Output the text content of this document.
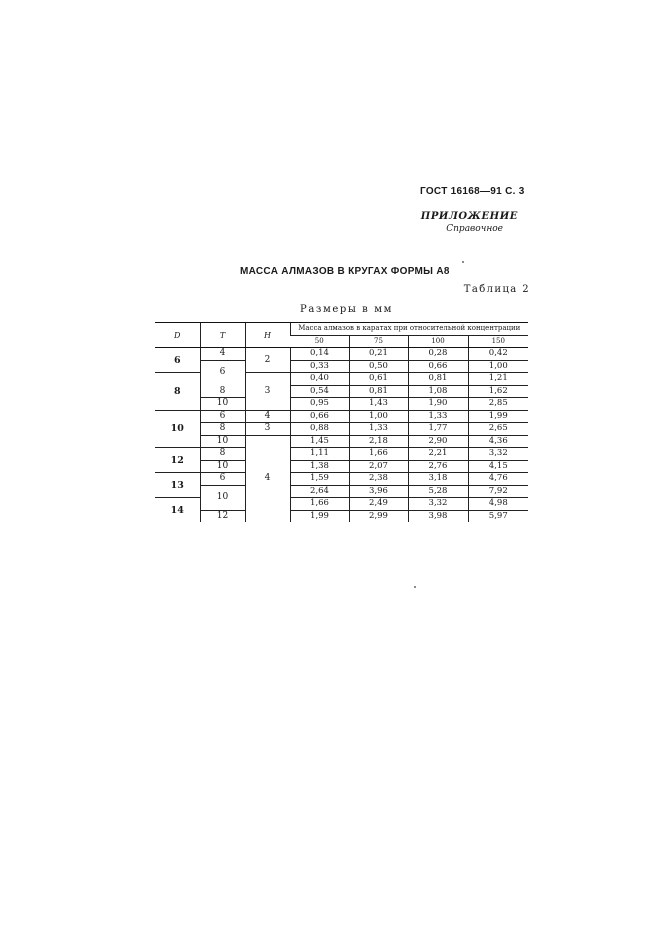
ГОСТ 16168—91 С. 3
ПРИЛОЖЕНИЕ
Справочное
МАССА АЛМАЗОВ В КРУГАХ ФОРМЫ А8
Таблица 2
Размеры в мм
D	T	H	Масса алмазов в каратах при относительной концентрации			
			50	75	100	150
6	4	2	0,14	0,21	0,28	0,42
	6		0,33	0,50	0,66	1,00
8		3	0,40	0,61	0,81	1,21
	8		0,54	0,81	1,08	1,62
	10		0,95	1,43	1,90	2,85
10	6	4	0,66	1,00	1,33	1,99
	8	3	0,88	1,33	1,77	2,65
	10	4	1,45	2,18	2,90	4,36
12	8		1,11	1,66	2,21	3,32
	10		1,38	2,07	2,76	4,15
13	6		1,59	2,38	3,18	4,76
	10		2,64	3,96	5,28	7,92
14			1,66	2,49	3,32	4,98
	12		1,99	2,99	3,98	5,97
